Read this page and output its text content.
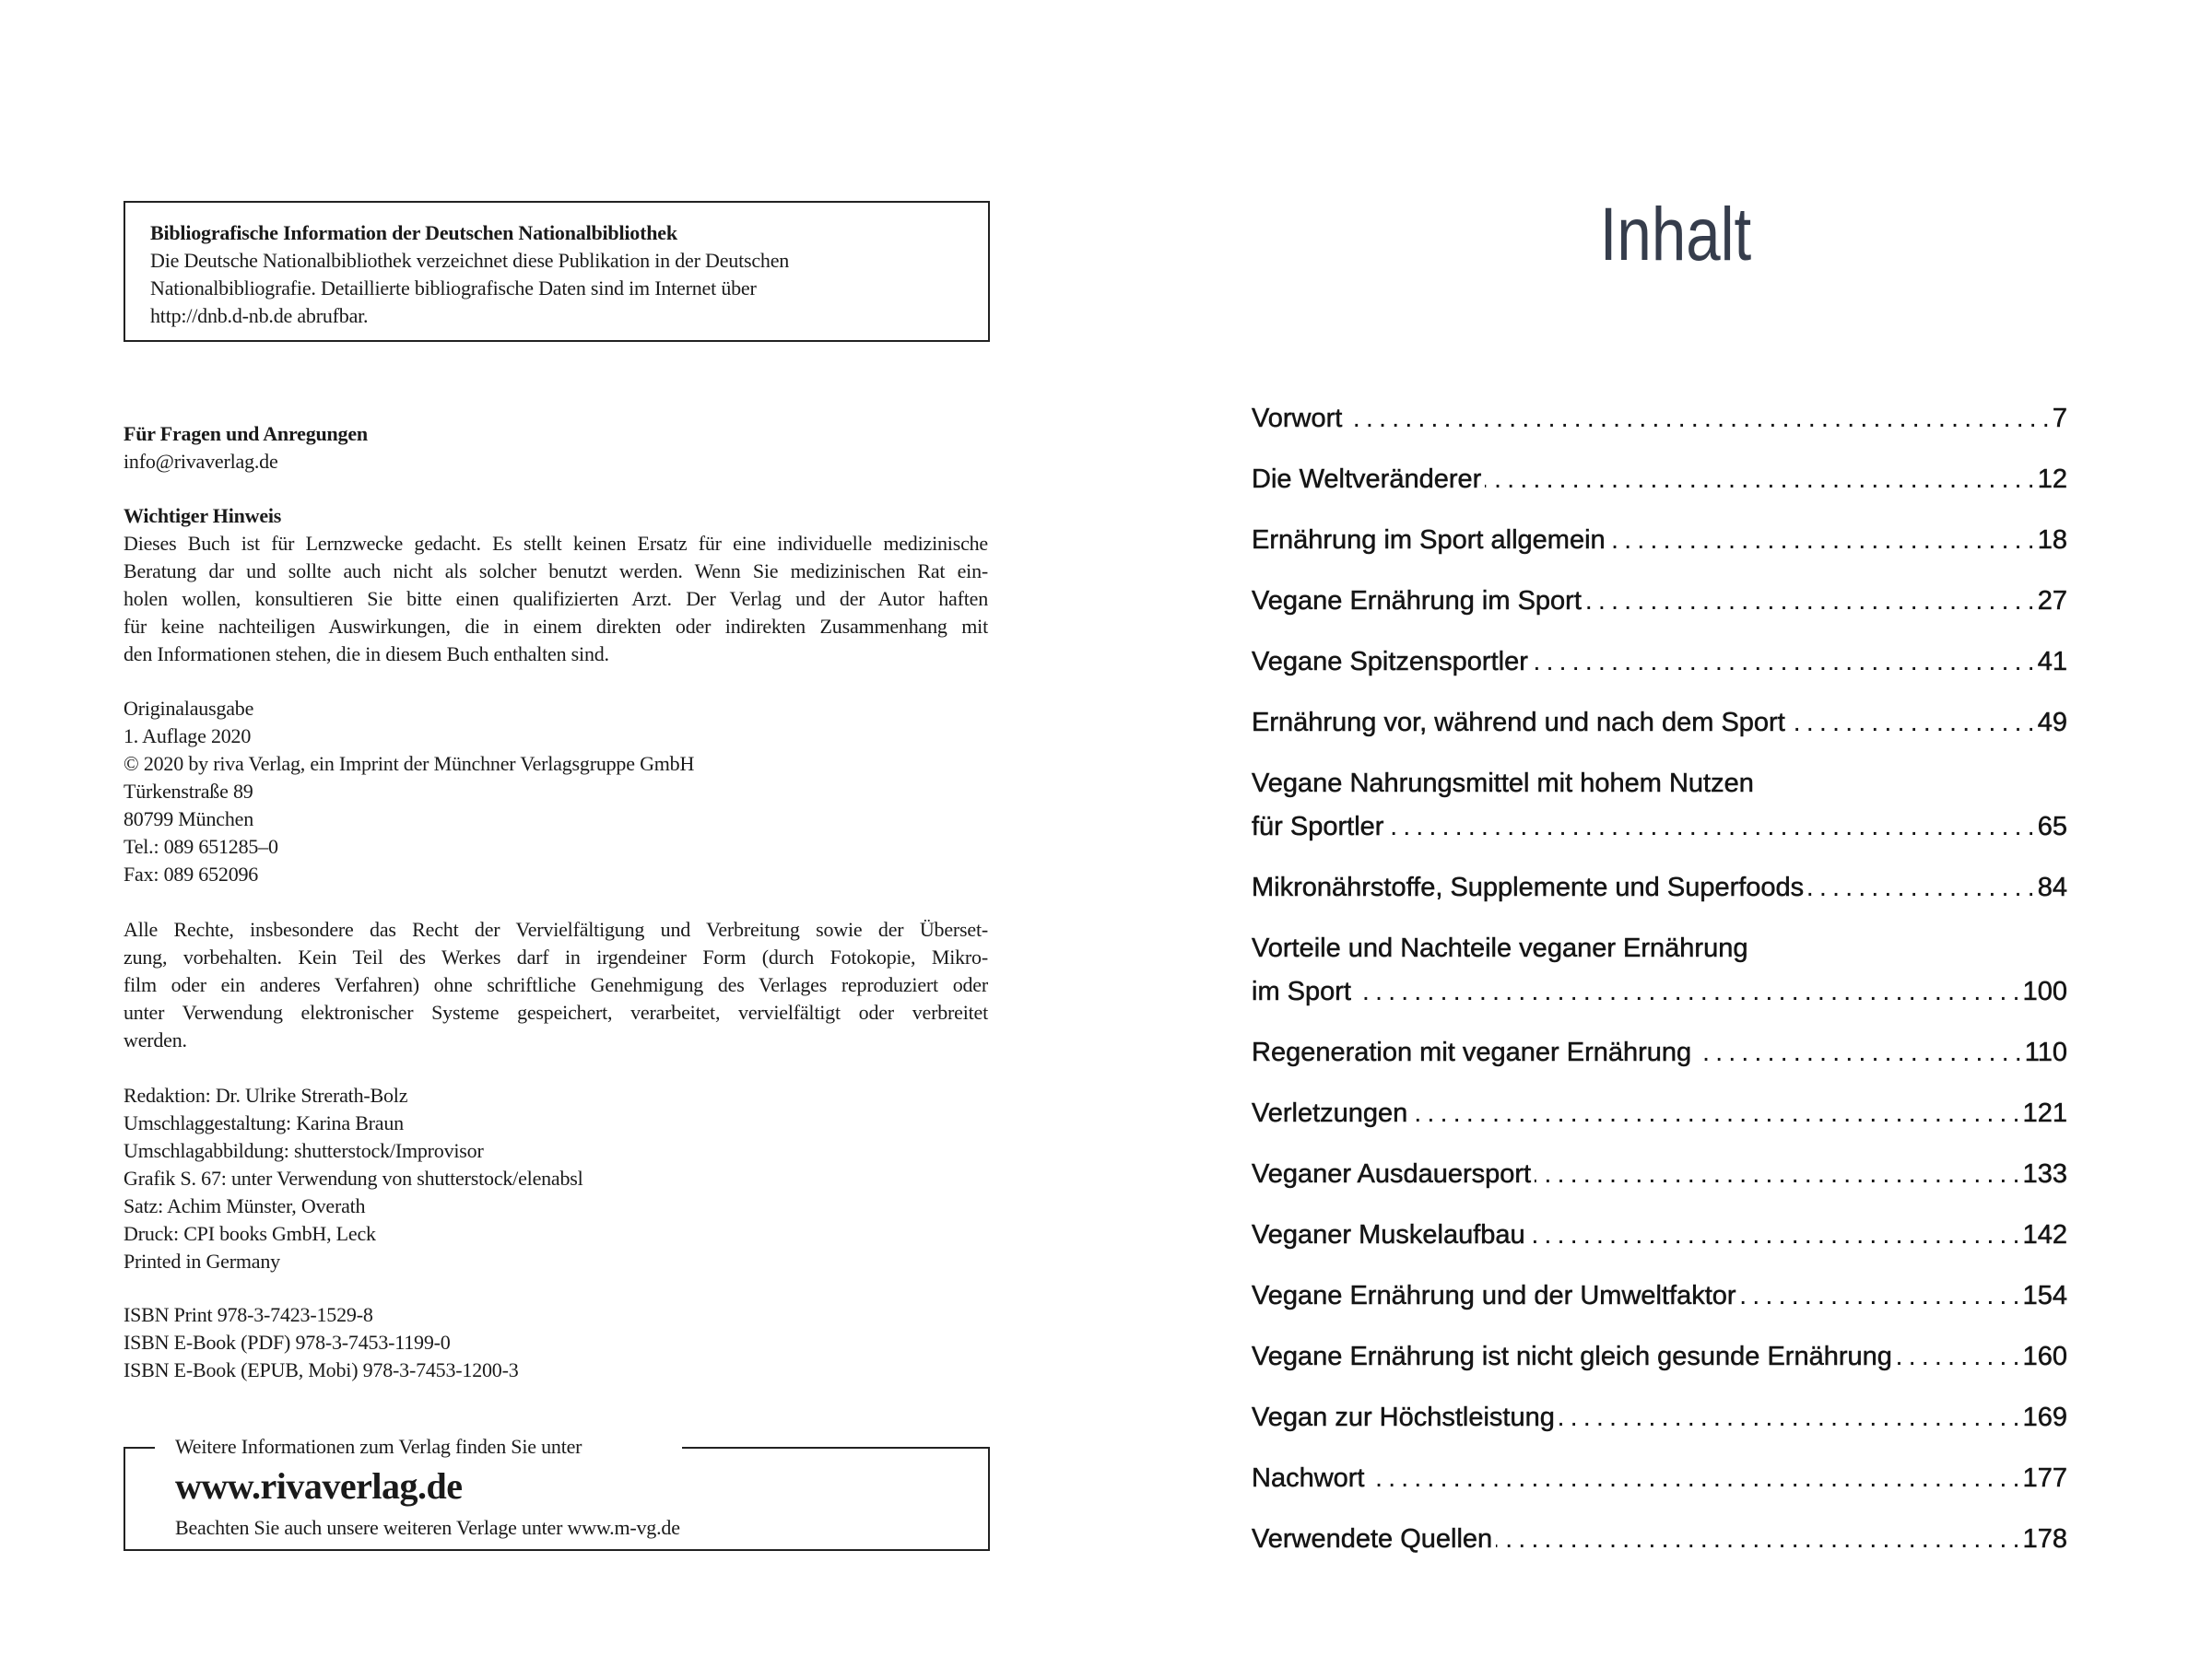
Bibliografische Information der Deutschen Nationalbibliothek
Die Deutsche Nationalbibliothek verzeichnet diese Publikation in der Deutschen
Nationalbibliografie. Detaillierte bibliografische Daten sind im Internet über
http://dnb.d-nb.de abrufbar.
Für Fragen und Anregungen
info@rivaverlag.de
Wichtiger Hinweis
Dieses Buch ist für Lernzwecke gedacht. Es stellt keinen Ersatz für eine individuelle medizinische
Beratung dar und sollte auch nicht als solcher benutzt werden. Wenn Sie medizinischen Rat ein-
holen wollen, konsultieren Sie bitte einen qualifizierten Arzt. Der Verlag und der Autor haften
für keine nachteiligen Auswirkungen, die in einem direkten oder indirekten Zusammenhang mit
den Informationen stehen, die in diesem Buch enthalten sind.
Originalausgabe
1. Auflage 2020
© 2020 by riva Verlag, ein Imprint der Münchner Verlagsgruppe GmbH
Türkenstraße 89
80799 München
Tel.: 089 651285–0
Fax: 089 652096
Alle Rechte, insbesondere das Recht der Vervielfältigung und Verbreitung sowie der Überset-
zung, vorbehalten. Kein Teil des Werkes darf in irgendeiner Form (durch Fotokopie, Mikro-
film oder ein anderes Verfahren) ohne schriftliche Genehmigung des Verlages reproduziert oder
unter Verwendung elektronischer Systeme gespeichert, verarbeitet, vervielfältigt oder verbreitet
werden.
Redaktion: Dr. Ulrike Strerath-Bolz
Umschlaggestaltung: Karina Braun
Umschlagabbildung: shutterstock/Improvisor
Grafik S. 67: unter Verwendung von shutterstock/elenabsl
Satz: Achim Münster, Overath
Druck: CPI books GmbH, Leck
Printed in Germany
ISBN Print 978-3-7423-1529-8
ISBN E-Book (PDF) 978-3-7453-1199-0
ISBN E-Book (EPUB, Mobi) 978-3-7453-1200-3
Weitere Informationen zum Verlag finden Sie unter
www.rivaverlag.de
Beachten Sie auch unsere weiteren Verlage unter www.m-vg.de
Inhalt
Vorwort . . .	7
Die Weltveränderer . . .	12
Ernährung im Sport allgemein . . .	18
Vegane Ernährung im Sport . . .	27
Vegane Spitzensportler . . .	41
Ernährung vor, während und nach dem Sport . . .	49
Vegane Nahrungsmittel mit hohem Nutzen
für Sportler . . .	65
Mikronährstoffe, Supplemente und Superfoods . . .	84
Vorteile und Nachteile veganer Ernährung
im Sport . . .	100
Regeneration mit veganer Ernährung . . .	110
Verletzungen . . .	121
Veganer Ausdauersport . . .	133
Veganer Muskelaufbau . . .	142
Vegane Ernährung und der Umweltfaktor . . .	154
Vegane Ernährung ist nicht gleich gesunde Ernährung . . .	160
Vegan zur Höchstleistung . . .	169
Nachwort . . .	177
Verwendete Quellen . . .	178
